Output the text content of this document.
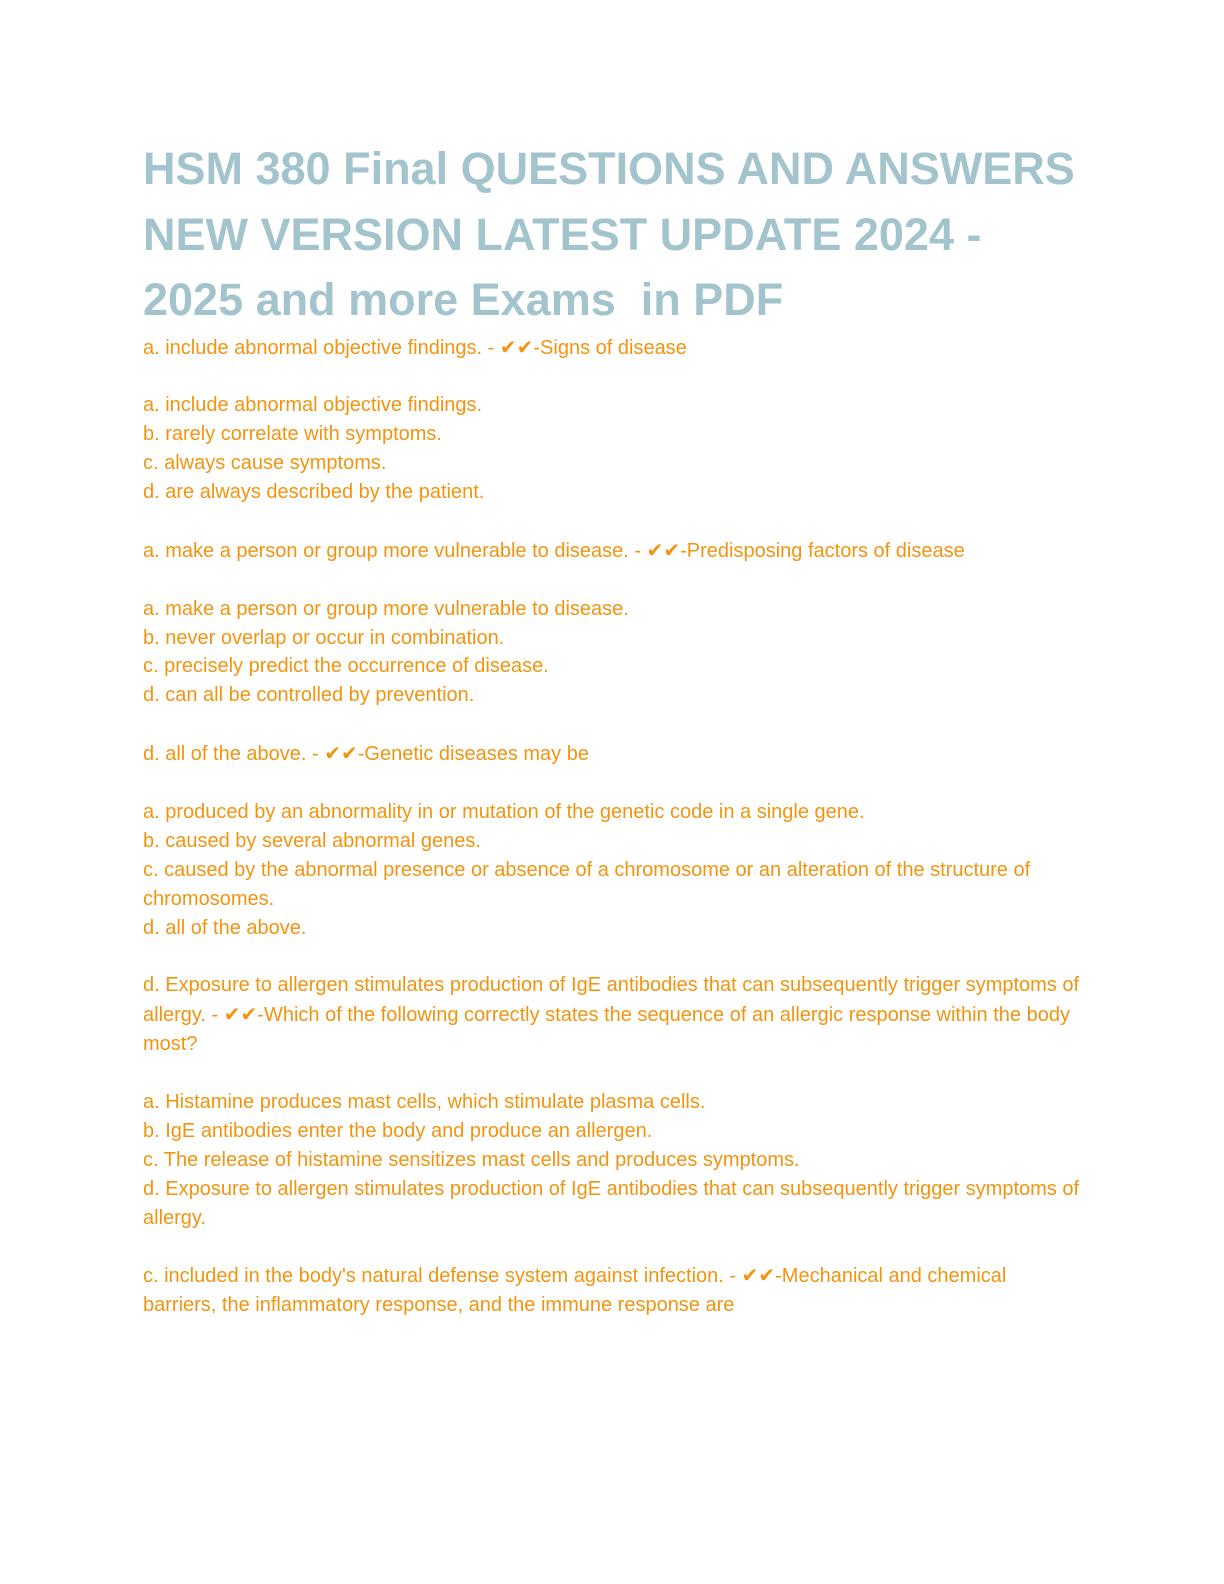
HSM 380 Final QUESTIONS AND ANSWERS NEW VERSION LATEST UPDATE 2024 - 2025 and more Exams  in PDF

a. include abnormal objective findings. - ✔✔-Signs of disease

a. include abnormal objective findings.

b. rarely correlate with symptoms.

c. always cause symptoms.

d. are always described by the patient.

a. make a person or group more vulnerable to disease. - ✔✔-Predisposing factors of disease

a. make a person or group more vulnerable to disease.

b. never overlap or occur in combination.

c. precisely predict the occurrence of disease.

d. can all be controlled by prevention.

d. all of the above. - ✔✔-Genetic diseases may be

a. produced by an abnormality in or mutation of the genetic code in a single gene.

b. caused by several abnormal genes.

c. caused by the abnormal presence or absence of a chromosome or an alteration of the structure of chromosomes.

d. all of the above.

d. Exposure to allergen stimulates production of IgE antibodies that can subsequently trigger symptoms of allergy. - ✔✔-Which of the following correctly states the sequence of an allergic response within the body most?

a. Histamine produces mast cells, which stimulate plasma cells.

b. IgE antibodies enter the body and produce an allergen.

c. The release of histamine sensitizes mast cells and produces symptoms.

d. Exposure to allergen stimulates production of IgE antibodies that can subsequently trigger symptoms of allergy.

c. included in the body's natural defense system against infection. - ✔✔-Mechanical and chemical barriers, the inflammatory response, and the immune response are
